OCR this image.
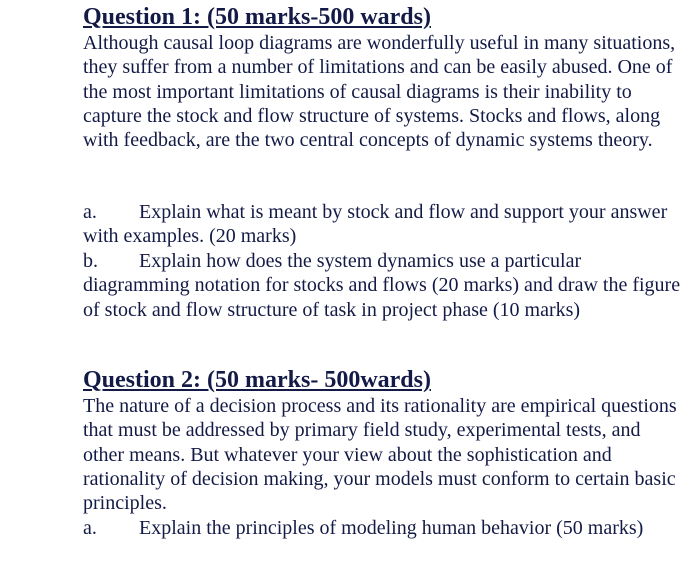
Question 1: (50 marks-500 wards)

Although causal loop diagrams are wonderfully useful in many situations, they suffer from a number of limitations and can be easily abused. One of the most important limitations of causal diagrams is their inability to capture the stock and flow structure of systems. Stocks and flows, along with feedback, are the two central concepts of dynamic systems theory.

a. Explain what is meant by stock and flow and support your answer with examples. (20 marks)
b. Explain how does the system dynamics use a particular diagramming notation for stocks and flows (20 marks) and draw the figure of stock and flow structure of task in project phase (10 marks)
Question 2: (50 marks- 500wards)

The nature of a decision process and its rationality are empirical questions that must be addressed by primary field study, experimental tests, and other means. But whatever your view about the sophistication and rationality of decision making, your models must conform to certain basic principles.

a. Explain the principles of modeling human behavior (50 marks)
